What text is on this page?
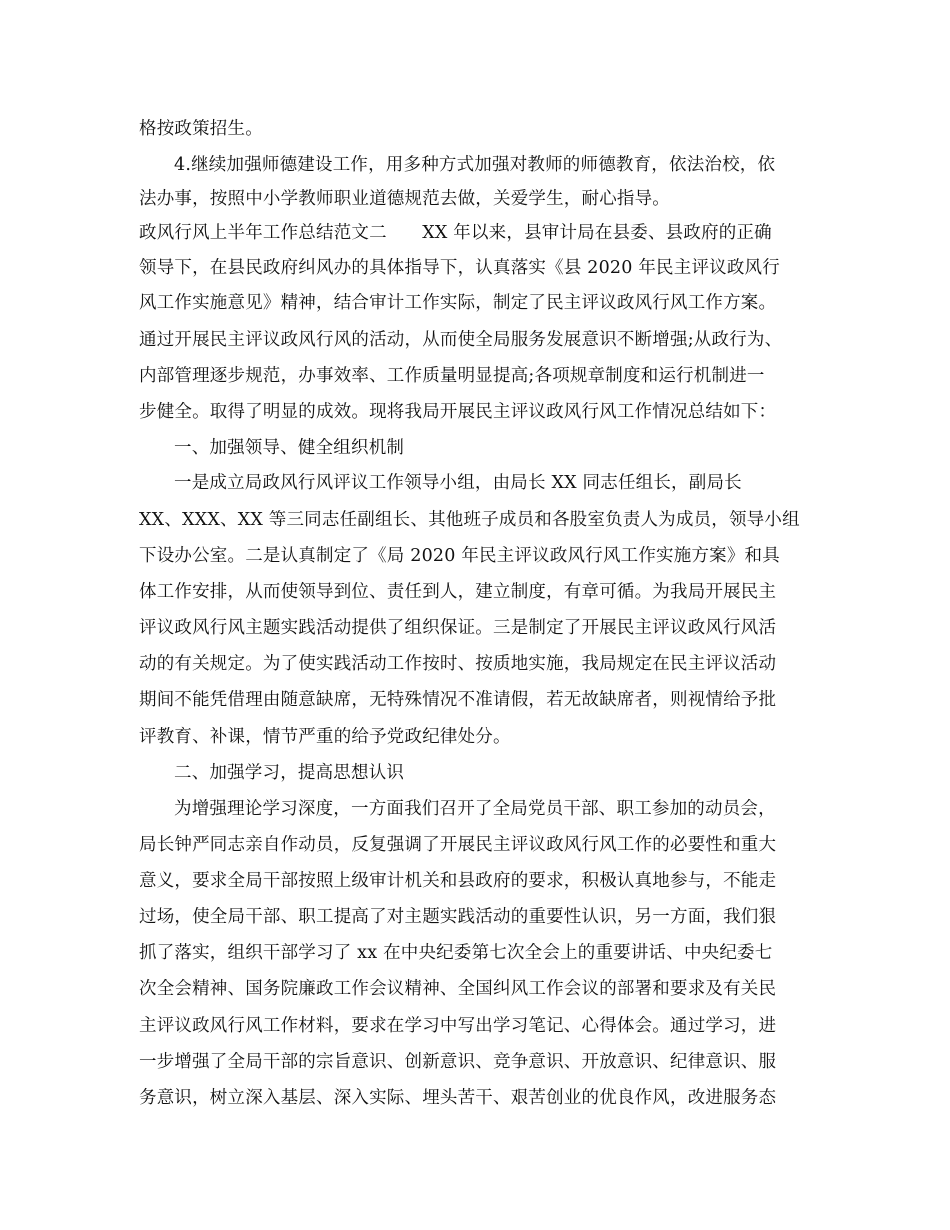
格按政策招生。
4.继续加强师德建设工作，用多种方式加强对教师的师德教育，依法治校，依
法办事，按照中小学教师职业道德规范去做，关爱学生，耐心指导。
政风行风上半年工作总结范文二　　XX 年以来，县审计局在县委、县政府的正确
领导下，在县民政府纠风办的具体指导下，认真落实《县 2020 年民主评议政风行
风工作实施意见》精神，结合审计工作实际，制定了民主评议政风行风工作方案。
通过开展民主评议政风行风的活动，从而使全局服务发展意识不断增强;从政行为、
内部管理逐步规范，办事效率、工作质量明显提高;各项规章制度和运行机制进一
步健全。取得了明显的成效。现将我局开展民主评议政风行风工作情况总结如下：
一、加强领导、健全组织机制
一是成立局政风行风评议工作领导小组，由局长 XX 同志任组长，副局长
XX、XXX、XX 等三同志任副组长、其他班子成员和各股室负责人为成员，领导小组
下设办公室。二是认真制定了《局 2020 年民主评议政风行风工作实施方案》和具
体工作安排，从而使领导到位、责任到人，建立制度，有章可循。为我局开展民主
评议政风行风主题实践活动提供了组织保证。三是制定了开展民主评议政风行风活
动的有关规定。为了使实践活动工作按时、按质地实施，我局规定在民主评议活动
期间不能凭借理由随意缺席，无特殊情况不准请假，若无故缺席者，则视情给予批
评教育、补课，情节严重的给予党政纪律处分。
二、加强学习，提高思想认识
为增强理论学习深度，一方面我们召开了全局党员干部、职工参加的动员会，
局长钟严同志亲自作动员，反复强调了开展民主评议政风行风工作的必要性和重大
意义，要求全局干部按照上级审计机关和县政府的要求，积极认真地参与，不能走
过场，使全局干部、职工提高了对主题实践活动的重要性认识，另一方面，我们狠
抓了落实，组织干部学习了 xx 在中央纪委第七次全会上的重要讲话、中央纪委七
次全会精神、国务院廉政工作会议精神、全国纠风工作会议的部署和要求及有关民
主评议政风行风工作材料，要求在学习中写出学习笔记、心得体会。通过学习，进
一步增强了全局干部的宗旨意识、创新意识、竞争意识、开放意识、纪律意识、服
务意识，树立深入基层、深入实际、埋头苦干、艰苦创业的优良作风，改进服务态
